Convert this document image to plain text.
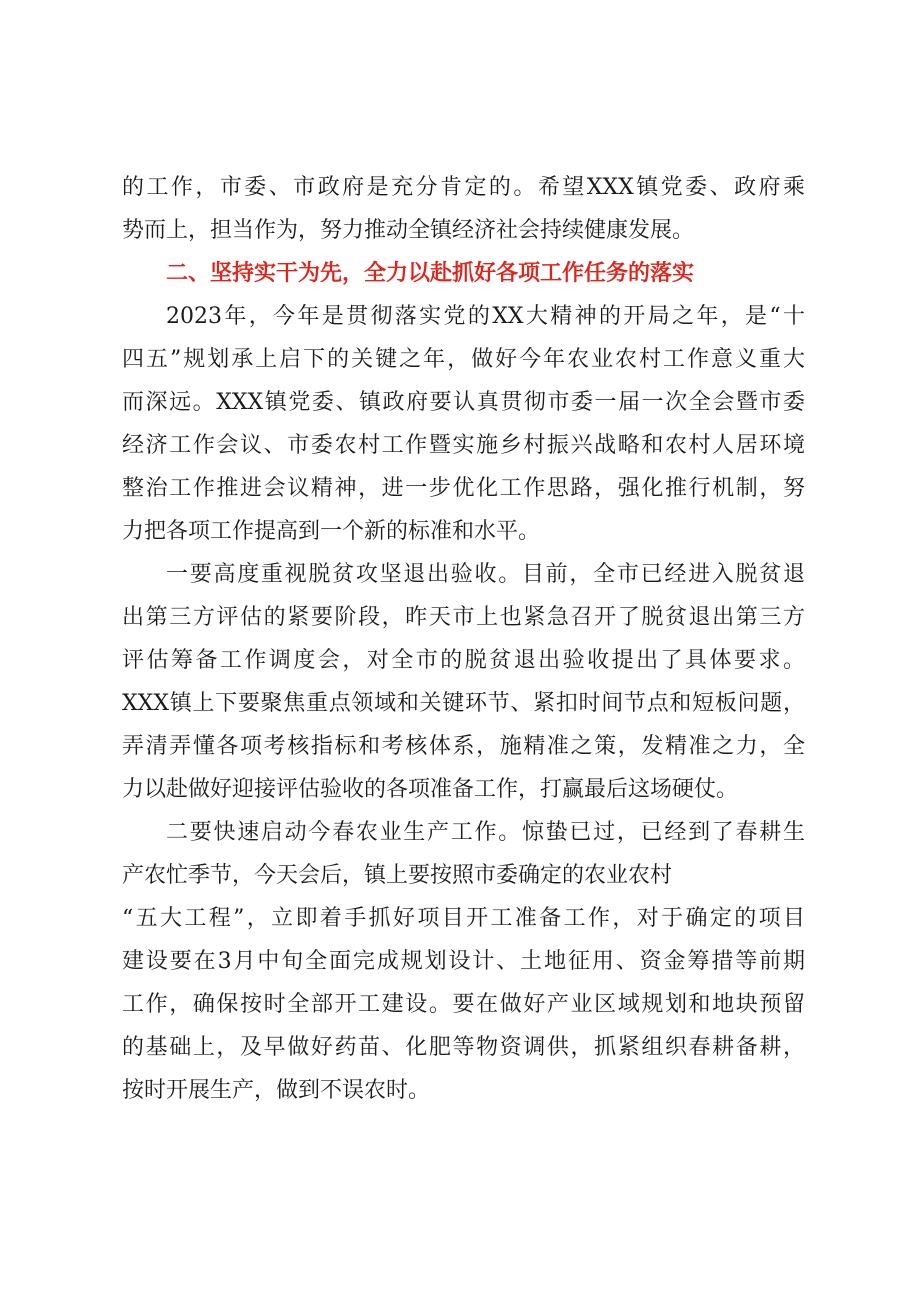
的工作，市委、市政府是充分肯定的。希望XXX镇党委、政府乘
势而上，担当作为，努力推动全镇经济社会持续健康发展。
二、坚持实干为先，全力以赴抓好各项工作任务的落实
2023年，今年是贯彻落实党的XX大精神的开局之年，是“十
四五”规划承上启下的关键之年，做好今年农业农村工作意义重大
而深远。XXX镇党委、镇政府要认真贯彻市委一届一次全会暨市委
经济工作会议、市委农村工作暨实施乡村振兴战略和农村人居环境
整治工作推进会议精神，进一步优化工作思路，强化推行机制，努
力把各项工作提高到一个新的标准和水平。
一要高度重视脱贫攻坚退出验收。目前，全市已经进入脱贫退
出第三方评估的紧要阶段，昨天市上也紧急召开了脱贫退出第三方
评估筹备工作调度会，对全市的脱贫退出验收提出了具体要求。
XXX镇上下要聚焦重点领域和关键环节、紧扣时间节点和短板问题，
弄清弄懂各项考核指标和考核体系，施精准之策，发精准之力，全
力以赴做好迎接评估验收的各项准备工作，打赢最后这场硬仗。
二要快速启动今春农业生产工作。惊蛰已过，已经到了春耕生
产农忙季节，今天会后，镇上要按照市委确定的农业农村
“五大工程”，立即着手抓好项目开工准备工作，对于确定的项目
建设要在3月中旬全面完成规划设计、土地征用、资金筹措等前期
工作，确保按时全部开工建设。要在做好产业区域规划和地块预留
的基础上，及早做好药苗、化肥等物资调供，抓紧组织春耕备耕，
按时开展生产，做到不误农时。
